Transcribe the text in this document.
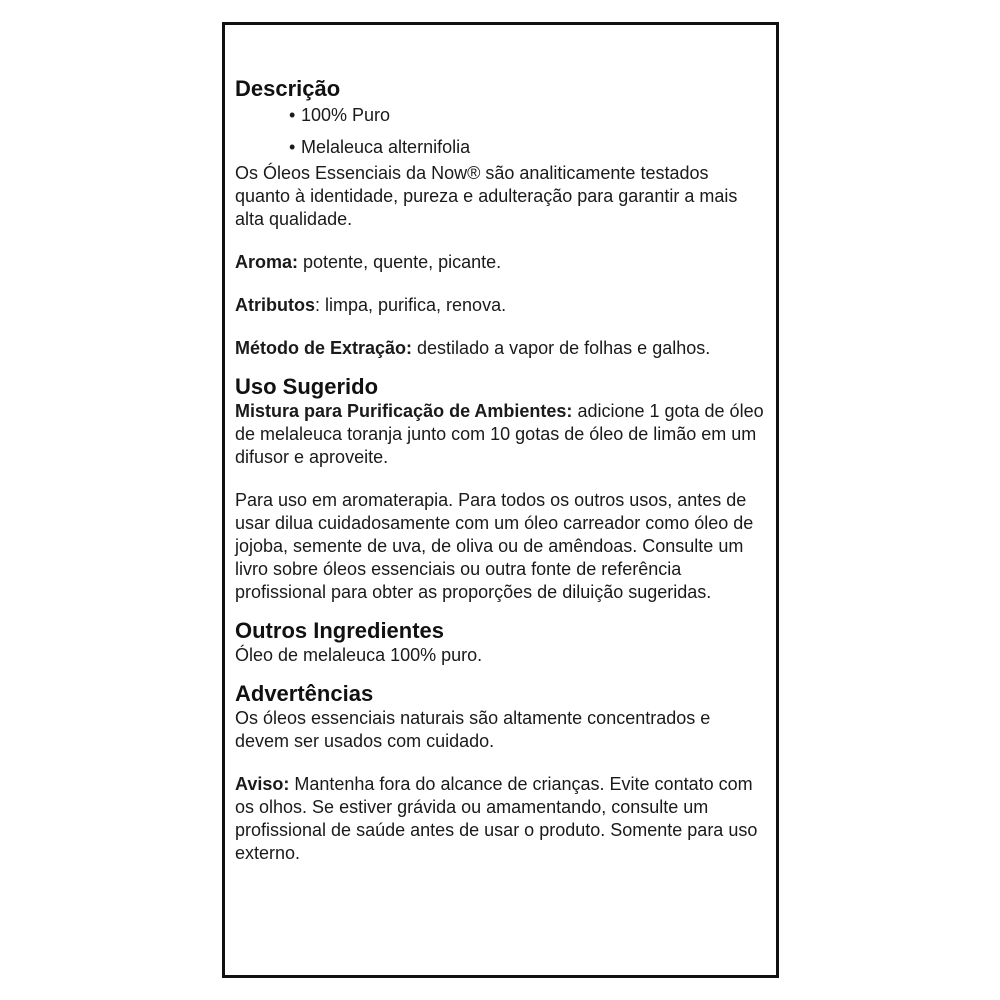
Descrição
• 100% Puro
• Melaleuca alternifolia

Os Óleos Essenciais da Now® são analiticamente testados quanto à identidade, pureza e adulteração para garantir a mais alta qualidade.

Aroma: potente, quente, picante.

Atributos: limpa, purifica, renova.

Método de Extração: destilado a vapor de folhas e galhos.

Uso Sugerido

Mistura para Purificação de Ambientes: adicione 1 gota de óleo de melaleuca toranja junto com 10 gotas de óleo de limão em um difusor e aproveite.

Para uso em aromaterapia. Para todos os outros usos, antes de usar dilua cuidadosamente com um óleo carreador como óleo de jojoba, semente de uva, de oliva ou de amêndoas. Consulte um livro sobre óleos essenciais ou outra fonte de referência profissional para obter as proporções de diluição sugeridas.

Outros Ingredientes

Óleo de melaleuca 100% puro.

Advertências

Os óleos essenciais naturais são altamente concentrados e devem ser usados com cuidado.

Aviso: Mantenha fora do alcance de crianças. Evite contato com os olhos. Se estiver grávida ou amamentando, consulte um profissional de saúde antes de usar o produto. Somente para uso externo.
